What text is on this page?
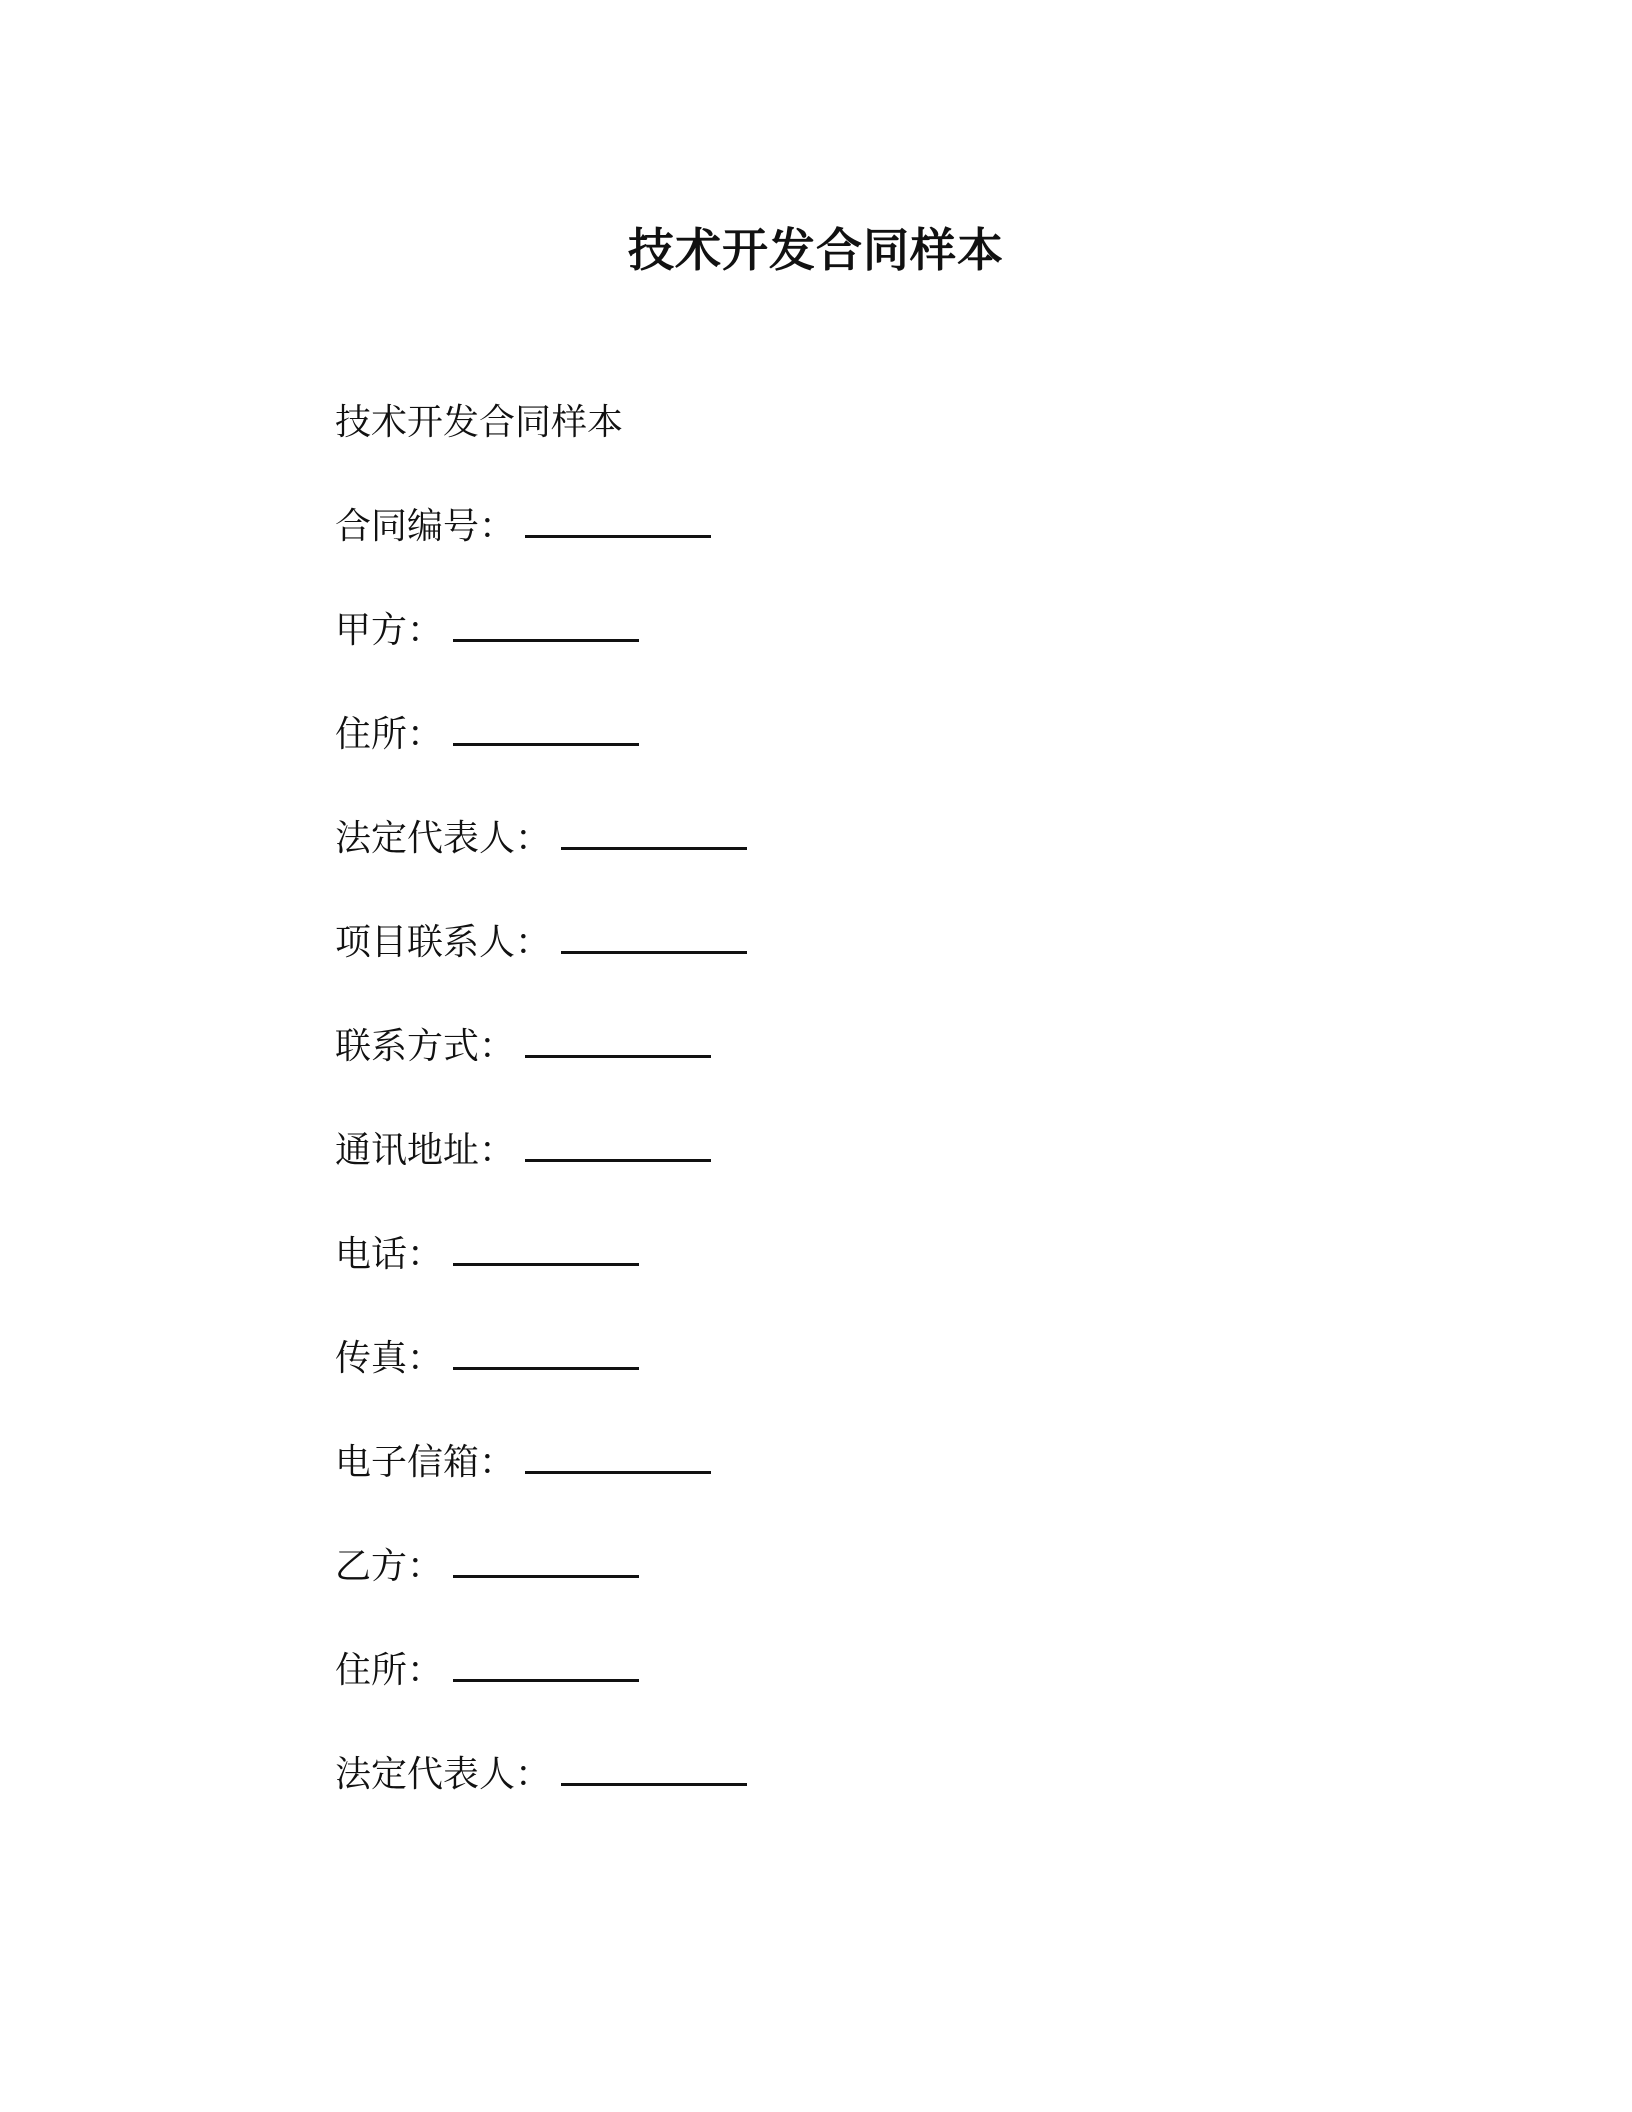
技术开发合同样本
技术开发合同样本
合同编号：
甲方：
住所：
法定代表人：
项目联系人：
联系方式：
通讯地址：
电话：
传真：
电子信箱：
乙方：
住所：
法定代表人：
